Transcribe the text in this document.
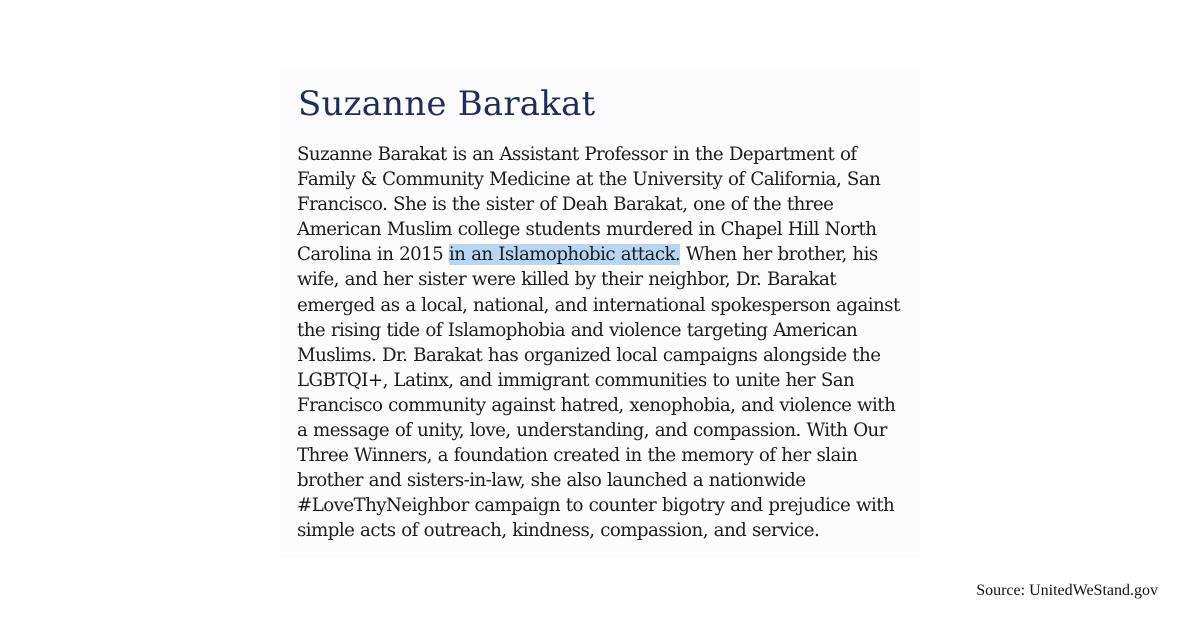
Suzanne Barakat
Suzanne Barakat is an Assistant Professor in the Department of
Family & Community Medicine at the University of California, San
Francisco. She is the sister of Deah Barakat, one of the three
American Muslim college students murdered in Chapel Hill North
Carolina in 2015 in an Islamophobic attack. When her brother, his
wife, and her sister were killed by their neighbor, Dr. Barakat
emerged as a local, national, and international spokesperson against
the rising tide of Islamophobia and violence targeting American
Muslims. Dr. Barakat has organized local campaigns alongside the
LGBTQI+, Latinx, and immigrant communities to unite her San
Francisco community against hatred, xenophobia, and violence with
a message of unity, love, understanding, and compassion. With Our
Three Winners, a foundation created in the memory of her slain
brother and sisters-in-law, she also launched a nationwide
#LoveThyNeighbor campaign to counter bigotry and prejudice with
simple acts of outreach, kindness, compassion, and service.

Source: UnitedWeStand.gov
